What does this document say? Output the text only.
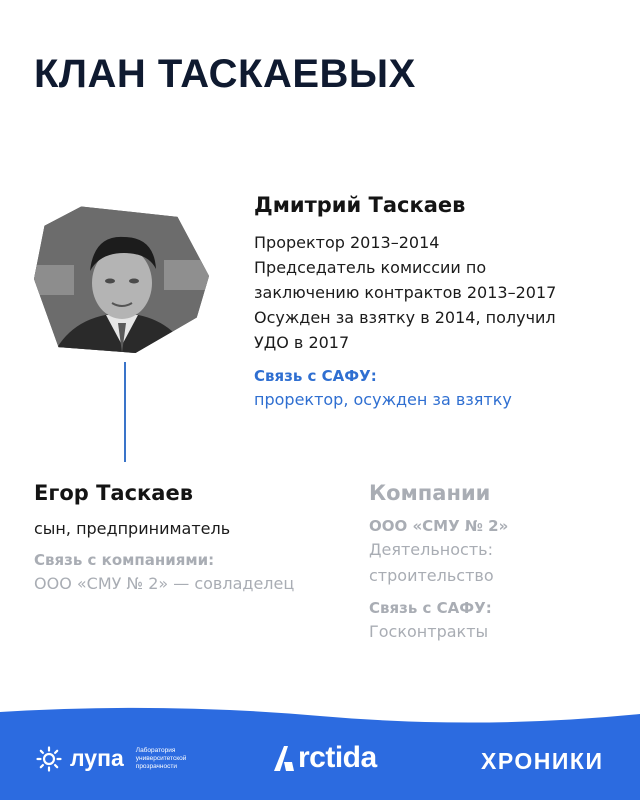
КЛАН ТАСКАЕВЫХ
Дмитрий Таскаев
Проректор 2013–2014
Председатель комиссии по
заключению контрактов 2013–2017
Осужден за взятку в 2014, получил
УДО в 2017
Связь с САФУ:
проректор, осужден за взятку
Егор Таскаев
сын, предприниматель
Связь с компаниями:
ООО «СМУ № 2» — совладелец
Компании
ООО «СМУ № 2»
Деятельность:
строительство
Связь с САФУ:
Госконтракты
лупа Лаборатория
университетской
прозрачности	rctida	ХРОНИКИ
